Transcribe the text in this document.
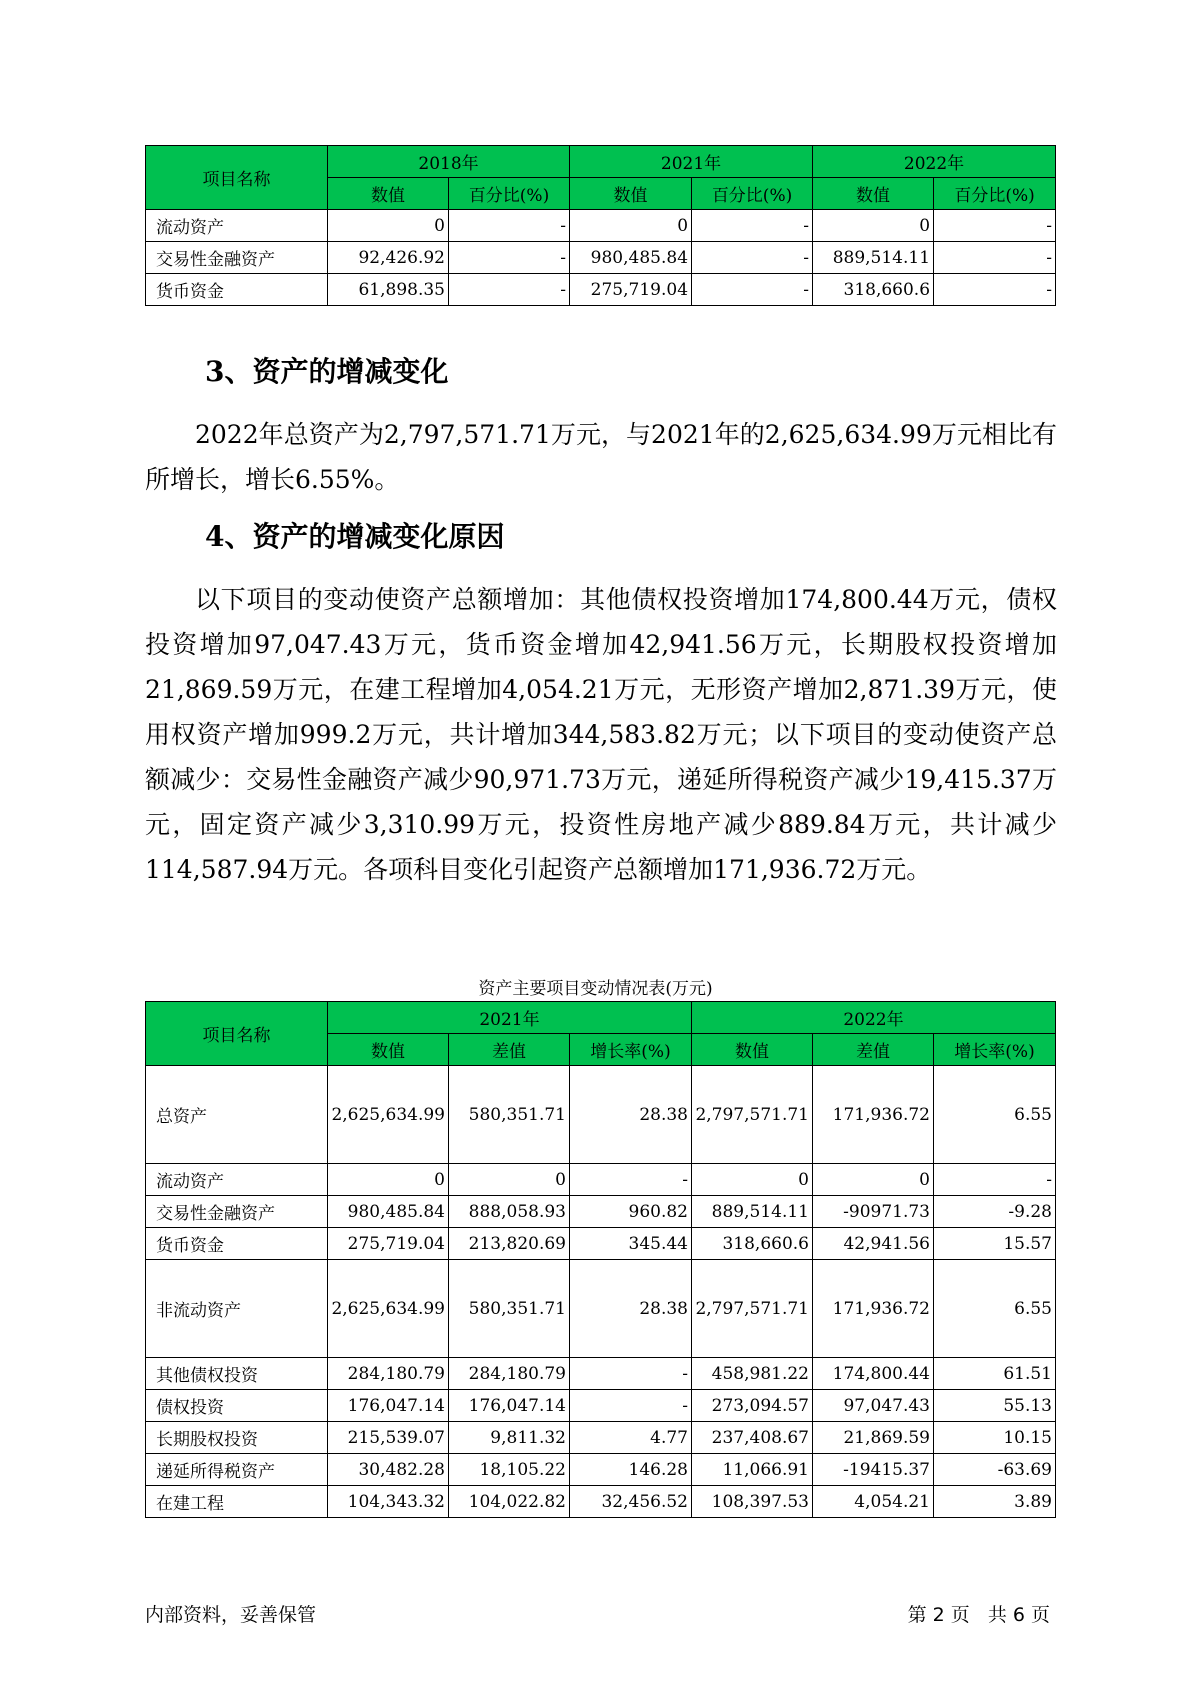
项目名称	2018年		2021年		2022年	
	数值	百分比(%)	数值	百分比(%)	数值	百分比(%)
流动资产	0	-	0	-	0	-
交易性金融资产	92,426.92	-	980,485.84	-	889,514.11	-
货币资金	61,898.35	-	275,719.04	-	318,660.6	-
3、资产的增减变化

2022年总资产为2,797,571.71万元，与2021年的2,625,634.99万元相比有所增长，增长6.55%。

4、资产的增减变化原因

以下项目的变动使资产总额增加：其他债权投资增加174,800.44万元，债权投资增加97,047.43万元，货币资金增加42,941.56万元，长期股权投资增加21,869.59万元，在建工程增加4,054.21万元，无形资产增加2,871.39万元，使用权资产增加999.2万元，共计增加344,583.82万元；以下项目的变动使资产总额减少：交易性金融资产减少90,971.73万元，递延所得税资产减少19,415.37万元，固定资产减少3,310.99万元，投资性房地产减少889.84万元，共计减少114,587.94万元。各项科目变化引起资产总额增加171,936.72万元。

资产主要项目变动情况表(万元)
项目名称	2021年			2022年		
	数值	差值	增长率(%)	数值	差值	增长率(%)
总资产	2,625,634.99	580,351.71	28.38	2,797,571.71	171,936.72	6.55

流动资产	0	0	-	0	0	-
交易性金融资产	980,485.84	888,058.93	960.82	889,514.11	-90971.73	-9.28
货币资金	275,719.04	213,820.69	345.44	318,660.6	42,941.56	15.57
非流动资产	2,625,634.99	580,351.71	28.38	2,797,571.71	171,936.72	6.55

其他债权投资	284,180.79	284,180.79	-	458,981.22	174,800.44	61.51
债权投资	176,047.14	176,047.14	-	273,094.57	97,047.43	55.13
长期股权投资	215,539.07	9,811.32	4.77	237,408.67	21,869.59	10.15
递延所得税资产	30,482.28	18,105.22	146.28	11,066.91	-19415.37	-63.69
在建工程	104,343.32	104,022.82	32,456.52	108,397.53	4,054.21	3.89
内部资料，妥善保管	第 2 页 共 6 页
